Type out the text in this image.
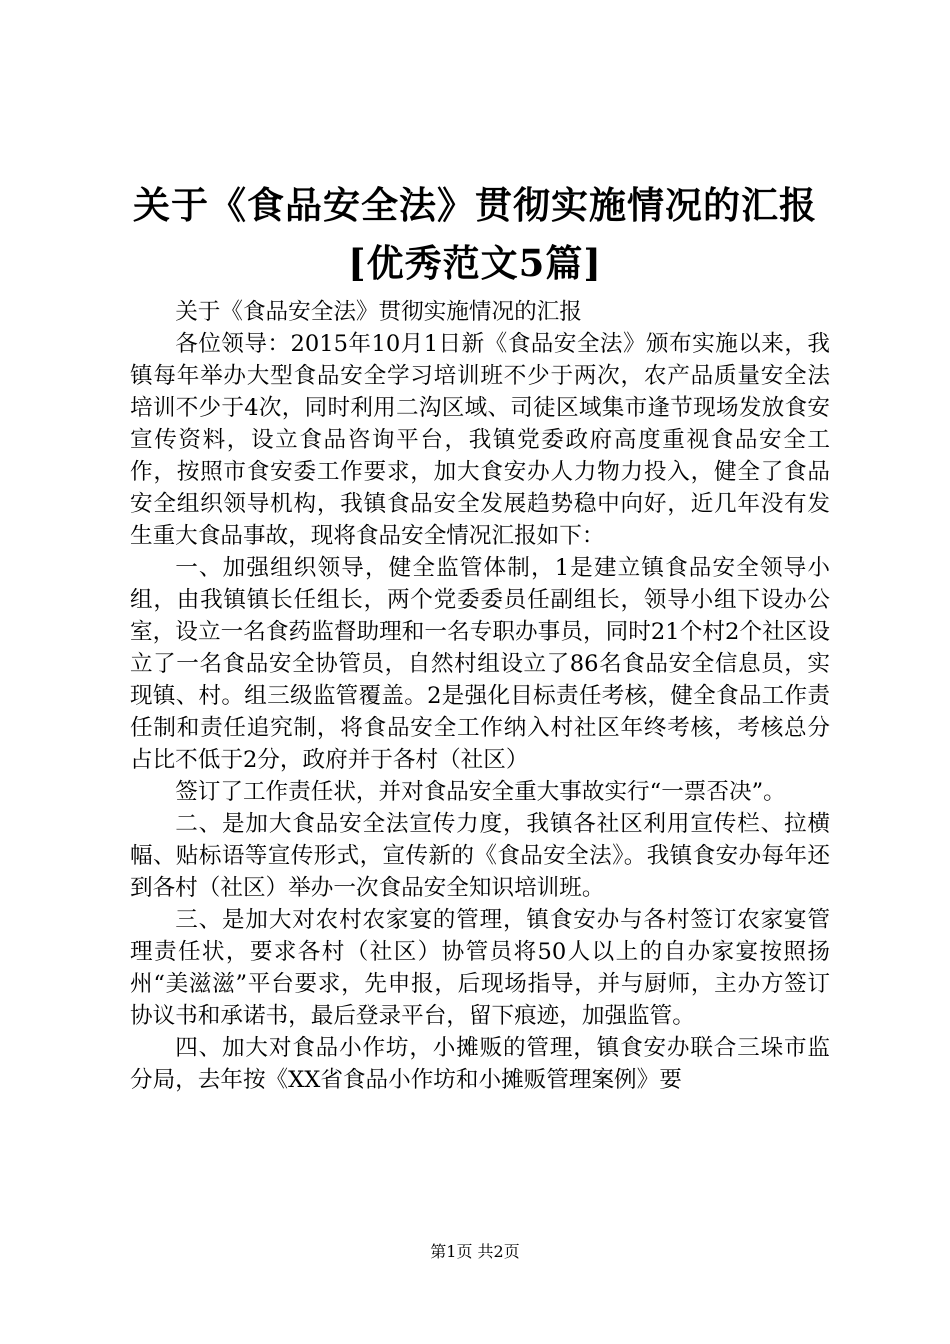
关于《食品安全法》贯彻实施情况的汇报[优秀范文5篇]

关于《食品安全法》贯彻实施情况的汇报

各位领导：2015年10月1日新《食品安全法》颁布实施以来，我镇每年举办大型食品安全学习培训班不少于两次，农产品质量安全法培训不少于4次，同时利用二沟区域、司徒区域集市逢节现场发放食安宣传资料，设立食品咨询平台，我镇党委政府高度重视食品安全工作，按照市食安委工作要求，加大食安办人力物力投入，健全了食品安全组织领导机构，我镇食品安全发展趋势稳中向好，近几年没有发生重大食品事故，现将食品安全情况汇报如下：

一、加强组织领导，健全监管体制，1是建立镇食品安全领导小组，由我镇镇长任组长，两个党委委员任副组长，领导小组下设办公室，设立一名食药监督助理和一名专职办事员，同时21个村2个社区设立了一名食品安全协管员，自然村组设立了86名食品安全信息员，实现镇、村。组三级监管覆盖。2是强化目标责任考核，健全食品工作责任制和责任追究制，将食品安全工作纳入村社区年终考核，考核总分占比不低于2分，政府并于各村（社区）

签订了工作责任状，并对食品安全重大事故实行“一票否决”。

二、是加大食品安全法宣传力度，我镇各社区利用宣传栏、拉横幅、贴标语等宣传形式，宣传新的《食品安全法》。我镇食安办每年还到各村（社区）举办一次食品安全知识培训班。

三、是加大对农村农家宴的管理，镇食安办与各村签订农家宴管理责任状，要求各村（社区）协管员将50人以上的自办家宴按照扬州“美滋滋”平台要求，先申报，后现场指导，并与厨师，主办方签订协议书和承诺书，最后登录平台，留下痕迹，加强监管。

四、加大对食品小作坊，小摊贩的管理，镇食安办联合三垛市监分局，去年按《XX省食品小作坊和小摊贩管理案例》要

第1页 共2页
